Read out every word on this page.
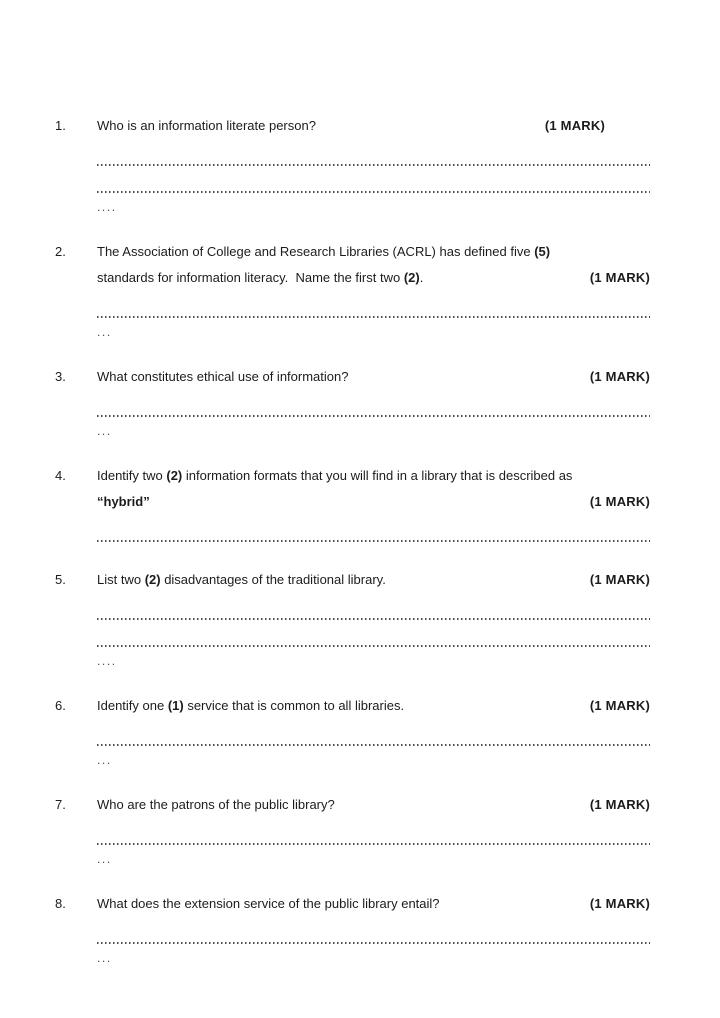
1.	Who is an information literate person?	(1 MARK)
....
2.	The Association of College and Research Libraries (ACRL) has defined five (5)
standards for information literacy.  Name the first two (2).	(1 MARK)
...
3.	What constitutes ethical use of information?	(1 MARK)
...
4.	Identify two (2) information formats that you will find in a library that is described as
“hybrid”	(1 MARK)
5.	List two (2) disadvantages of the traditional library.	(1 MARK)
....
6.	Identify one (1) service that is common to all libraries.	(1 MARK)
...
7.	Who are the patrons of the public library?	(1 MARK)
...
8.	What does the extension service of the public library entail?	(1 MARK)
...
